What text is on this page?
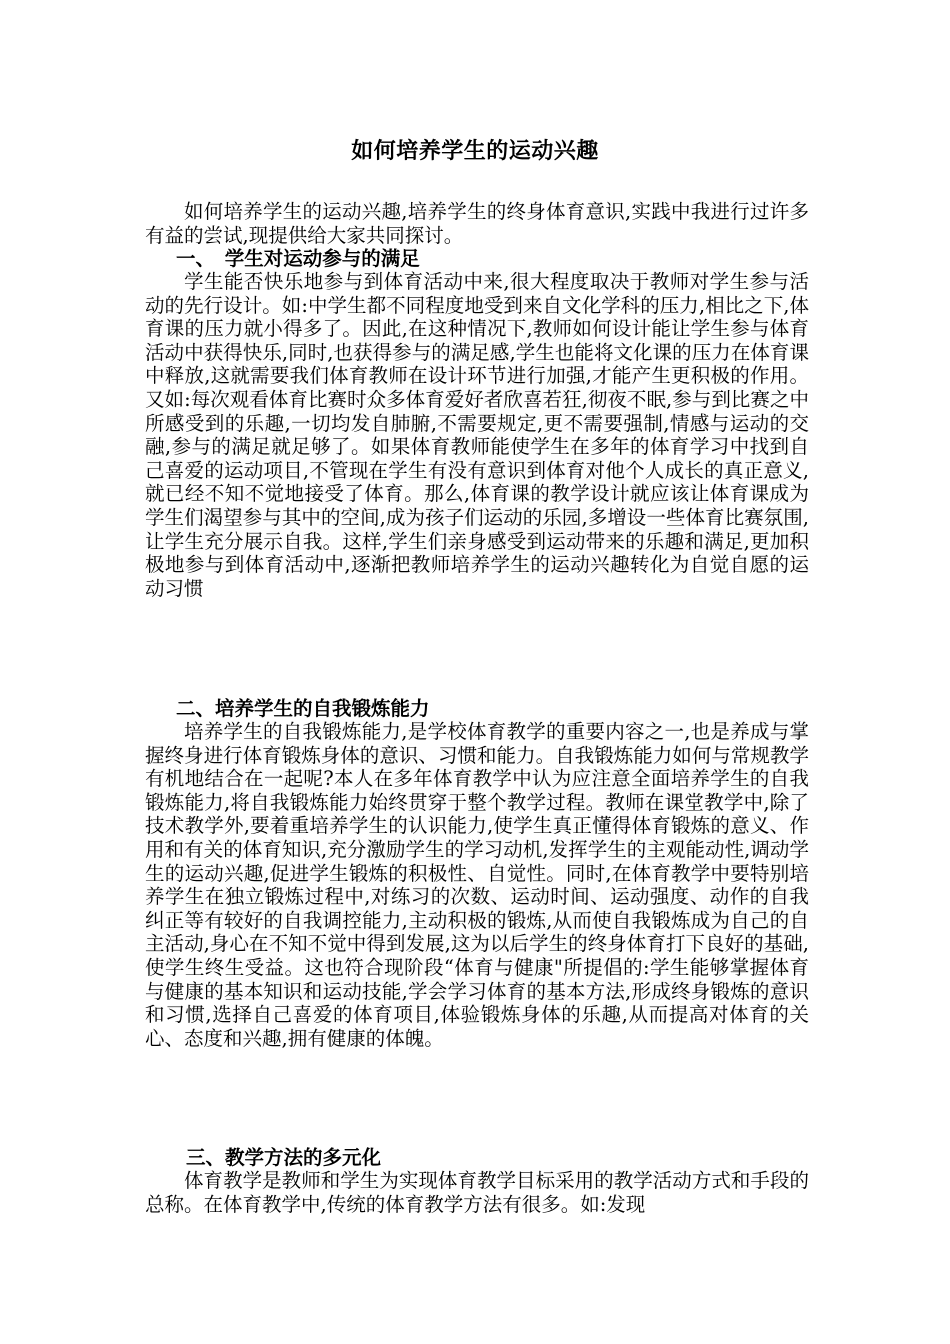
如何培养学生的运动兴趣

如何培养学生的运动兴趣,培养学生的终身体育意识,实践中我进行过许多有益的尝试,现提供给大家共同探讨。

一、　学生对运动参与的满足

学生能否快乐地参与到体育活动中来,很大程度取决于教师对学生参与活动的先行设计。如:中学生都不同程度地受到来自文化学科的压力,相比之下,体育课的压力就小得多了。因此,在这种情况下,教师如何设计能让学生参与体育活动中获得快乐,同时,也获得参与的满足感,学生也能将文化课的压力在体育课中释放,这就需要我们体育教师在设计环节进行加强,才能产生更积极的作用。又如:每次观看体育比赛时众多体育爱好者欣喜若狂,彻夜不眠,参与到比赛之中所感受到的乐趣,一切均发自肺腑,不需要规定,更不需要强制,情感与运动的交融,参与的满足就足够了。如果体育教师能使学生在多年的体育学习中找到自己喜爱的运动项目,不管现在学生有没有意识到体育对他个人成长的真正意义,就已经不知不觉地接受了体育。那么,体育课的教学设计就应该让体育课成为学生们渴望参与其中的空间,成为孩子们运动的乐园,多增设一些体育比赛氛围,让学生充分展示自我。这样,学生们亲身感受到运动带来的乐趣和满足,更加积极地参与到体育活动中,逐渐把教师培养学生的运动兴趣转化为自觉自愿的运动习惯

二、培养学生的自我锻炼能力

培养学生的自我锻炼能力,是学校体育教学的重要内容之一,也是养成与掌握终身进行体育锻炼身体的意识、习惯和能力。自我锻炼能力如何与常规教学有机地结合在一起呢?本人在多年体育教学中认为应注意全面培养学生的自我锻炼能力,将自我锻炼能力始终贯穿于整个教学过程。教师在课堂教学中,除了技术教学外,要着重培养学生的认识能力,使学生真正懂得体育锻炼的意义、作用和有关的体育知识,充分激励学生的学习动机,发挥学生的主观能动性,调动学生的运动兴趣,促进学生锻炼的积极性、自觉性。同时,在体育教学中要特别培养学生在独立锻炼过程中,对练习的次数、运动时间、运动强度、动作的自我纠正等有较好的自我调控能力,主动积极的锻炼,从而使自我锻炼成为自己的自主活动,身心在不知不觉中得到发展,这为以后学生的终身体育打下良好的基础,使学生终生受益。这也符合现阶段“体育与健康"所提倡的:学生能够掌握体育与健康的基本知识和运动技能,学会学习体育的基本方法,形成终身锻炼的意识和习惯,选择自己喜爱的体育项目,体验锻炼身体的乐趣,从而提高对体育的关心、态度和兴趣,拥有健康的体魄。

三、教学方法的多元化

体育教学是教师和学生为实现体育教学目标采用的教学活动方式和手段的总称。在体育教学中,传统的体育教学方法有很多。如:发现
